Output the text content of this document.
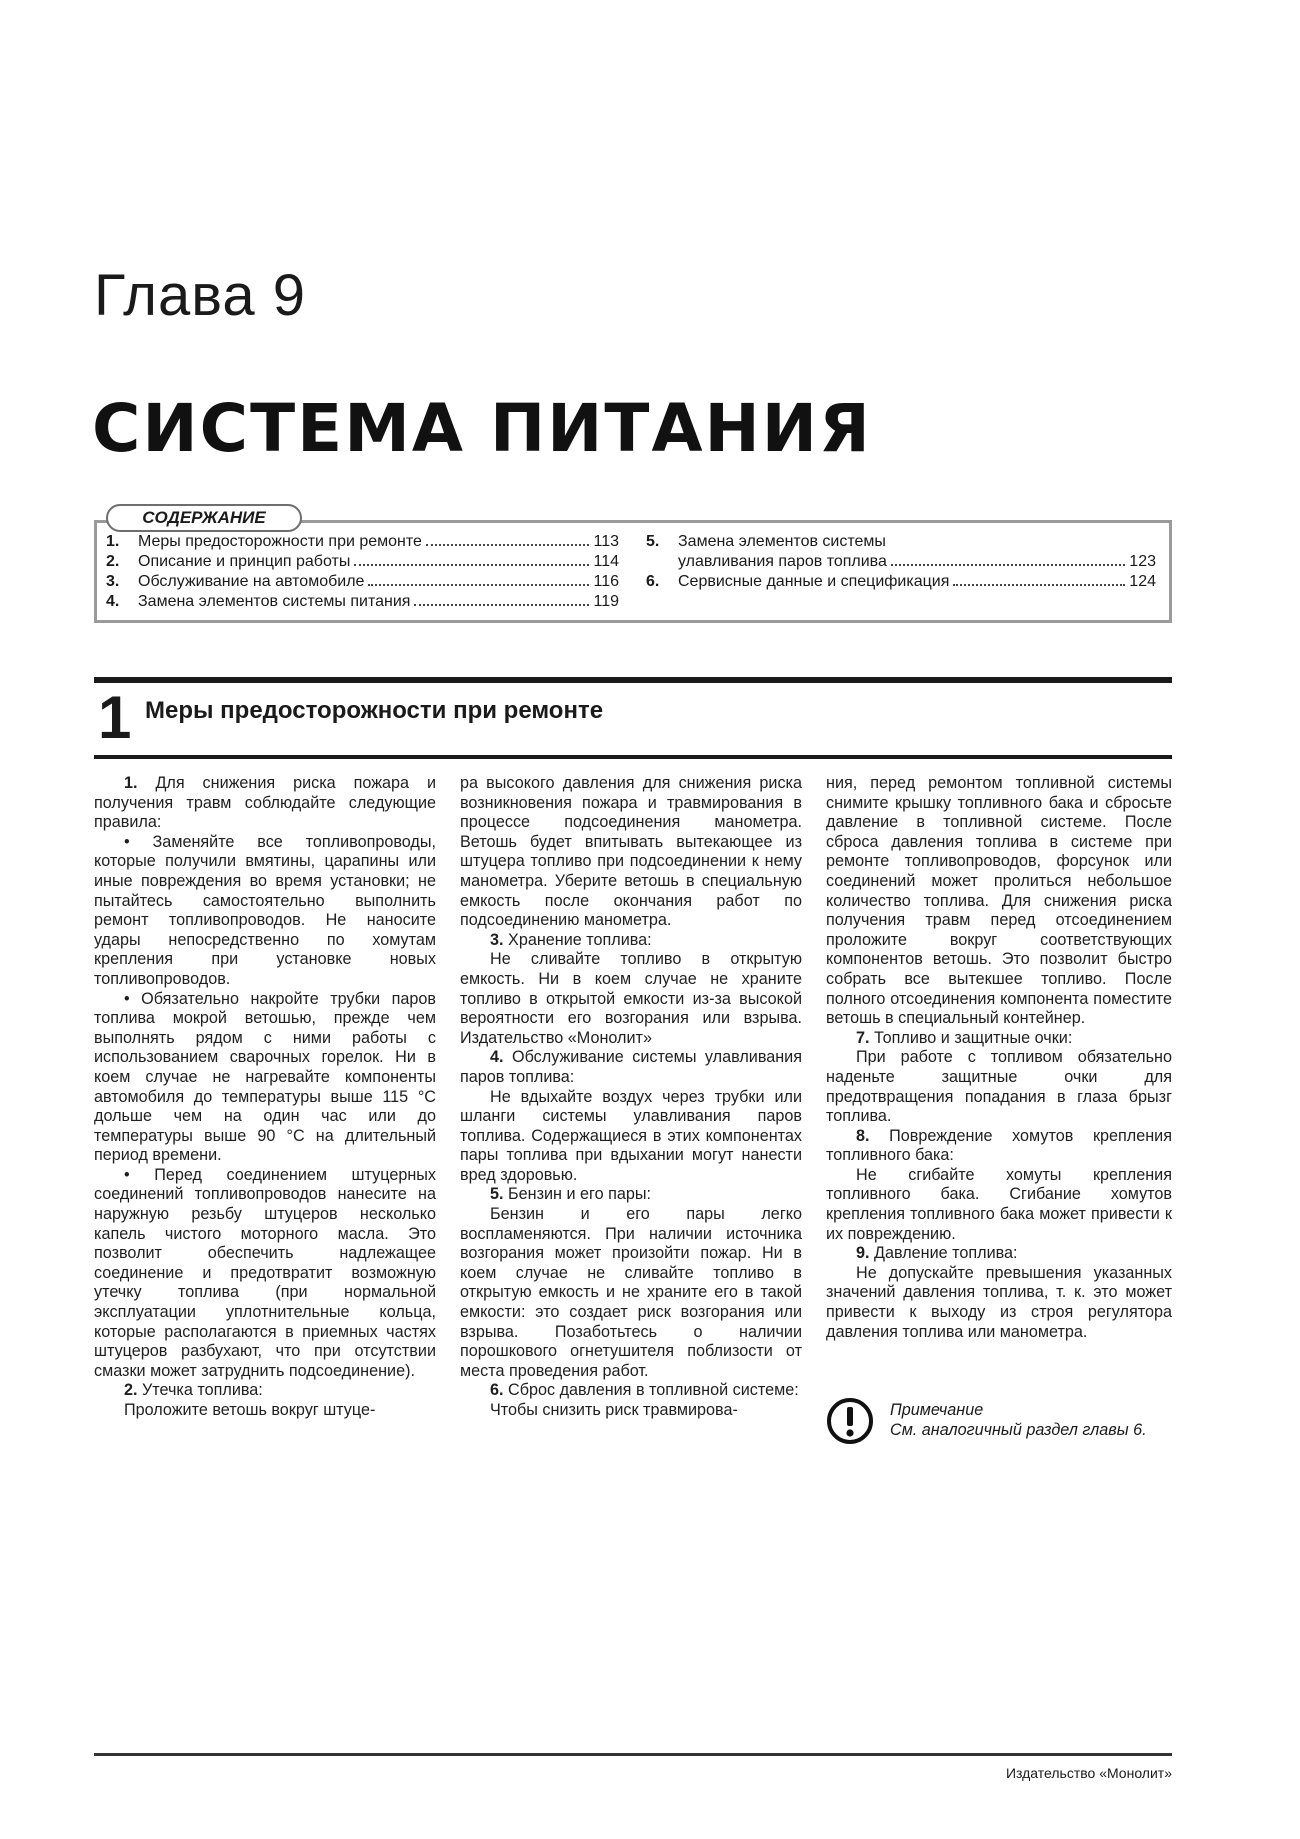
Глава 9
СИСТЕМА ПИТАНИЯ
СОДЕРЖАНИЕ
1.	Меры предосторожности при ремонте	113
2.	Описание и принцип работы	114
3.	Обслуживание на автомобиле	116
4.	Замена элементов системы питания	119
5.	Замена элементов системы
улавливания паров топлива	123
6.	Сервисные данные и спецификация	124
1 Меры предосторожности при ремонте

1. Для снижения риска пожара и получения травм соблюдайте следующие правила:

• Заменяйте все топливопроводы, которые получили вмятины, царапины или иные повреждения во время установки; не пытайтесь самостоятельно выполнить ремонт топливопроводов. Не наносите удары непосредственно по хомутам крепления при установке новых топливопроводов.

• Обязательно накройте трубки паров топлива мокрой ветошью, прежде чем выполнять рядом с ними работы с использованием сварочных горелок. Ни в коем случае не нагревайте компоненты автомобиля до температуры выше 115 °С дольше чем на один час или до температуры выше 90 °С на длительный период времени.

• Перед соединением штуцерных соединений топливопроводов нанесите на наружную резьбу штуцеров несколько капель чистого моторного масла. Это позволит обеспечить надлежащее соединение и предотвратит возможную утечку топлива (при нормальной эксплуатации уплотнительные кольца, которые располагаются в приемных частях штуцеров разбухают, что при отсутствии смазки может затруднить подсоединение).

2. Утечка топлива:

Проложите ветошь вокруг штуце-

ра высокого давления для снижения риска возникновения пожара и травмирования в процессе подсоединения манометра. Ветошь будет впитывать вытекающее из штуцера топливо при подсоединении к нему манометра. Уберите ветошь в специальную емкость после окончания работ по подсоединению манометра.

3. Хранение топлива:

Не сливайте топливо в открытую емкость. Ни в коем случае не храните топливо в открытой емкости из-за высокой вероятности его возгорания или взрыва. Издательство «Монолит»

4. Обслуживание системы улавливания паров топлива:

Не вдыхайте воздух через трубки или шланги системы улавливания паров топлива. Содержащиеся в этих компонентах пары топлива при вдыхании могут нанести вред здоровью.

5. Бензин и его пары:

Бензин и его пары легко воспламеняются. При наличии источника возгорания может произойти пожар. Ни в коем случае не сливайте топливо в открытую емкость и не храните его в такой емкости: это создает риск возгорания или взрыва. Позаботьтесь о наличии порошкового огнетушителя поблизости от места проведения работ.

6. Сброс давления в топливной системе:

Чтобы снизить риск травмирова-

ния, перед ремонтом топливной системы снимите крышку топливного бака и сбросьте давление в топливной системе. После сброса давления топлива в системе при ремонте топливопроводов, форсунок или соединений может пролиться небольшое количество топлива. Для снижения риска получения травм перед отсоединением проложите вокруг соответствующих компонентов ветошь. Это позволит быстро собрать все вытекшее топливо. После полного отсоединения компонента поместите ветошь в специальный контейнер.

7. Топливо и защитные очки:

При работе с топливом обязательно наденьте защитные очки для предотвращения попадания в глаза брызг топлива.

8. Повреждение хомутов крепления топливного бака:

Не сгибайте хомуты крепления топливного бака. Сгибание хомутов крепления топливного бака может привести к их повреждению.

9. Давление топлива:

Не допускайте превышения указанных значений давления топлива, т. к. это может привести к выходу из строя регулятора давления топлива или манометра.

Примечание
См. аналогичный раздел главы 6.
Издательство «Монолит»
